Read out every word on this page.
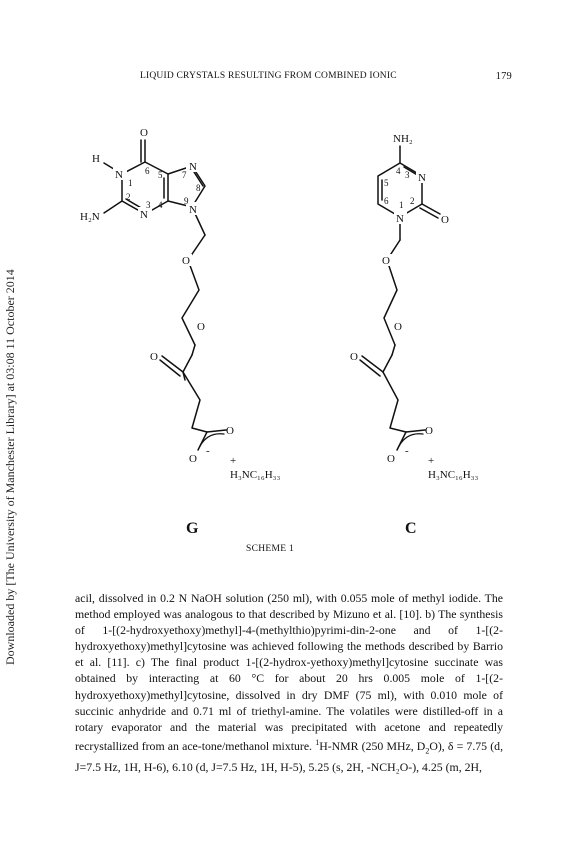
Downloaded by [The University of Manchester Library] at 03:08 11 October 2014
LIQUID CRYSTALS RESULTING FROM COMBINED IONIC	179
O
H
N
H₂N	N
N
N
O
O
O
O
O
-
+
H₃NC₁₆H₃₃
1
2
3 4
5
6	7
8
9
NH₂
N
N	O
O
O
O
O
O
-
+
H₃NC₁₆H₃₃
3
4
5
6 1 2
G	C
SCHEME 1

acil, dissolved in 0.2 N NaOH solution (250 ml), with 0.055 mole of methyl iodide. The method employed was analogous to that described by Mizuno et al. [10]. b) The synthesis of 1-[(2-hydroxyethoxy)methyl]-4-(methylthio)pyrimi-din-2-one and of 1-[(2-hydroxyethoxy)methyl]cytosine was achieved following the methods described by Barrio et al. [11]. c) The final product 1-[(2-hydrox-yethoxy)methyl]cytosine succinate was obtained by interacting at 60 °C for about 20 hrs 0.005 mole of 1-[(2-hydroxyethoxy)methyl]cytosine, dissolved in dry DMF (75 ml), with 0.010 mole of succinic anhydride and 0.71 ml of triethyl-amine. The volatiles were distilled-off in a rotary evaporator and the material was precipitated with acetone and repeatedly recrystallized from an ace-tone/methanol mixture. $^1$H-NMR (250 MHz, $D_2O$), δ = 7.75 (d, J=7.5 Hz, 1H, H-6), 6.10 (d, J=7.5 Hz, 1H, H-5), 5.25 (s, 2H, -NCH₂O-), 4.25 (m, 2H,
